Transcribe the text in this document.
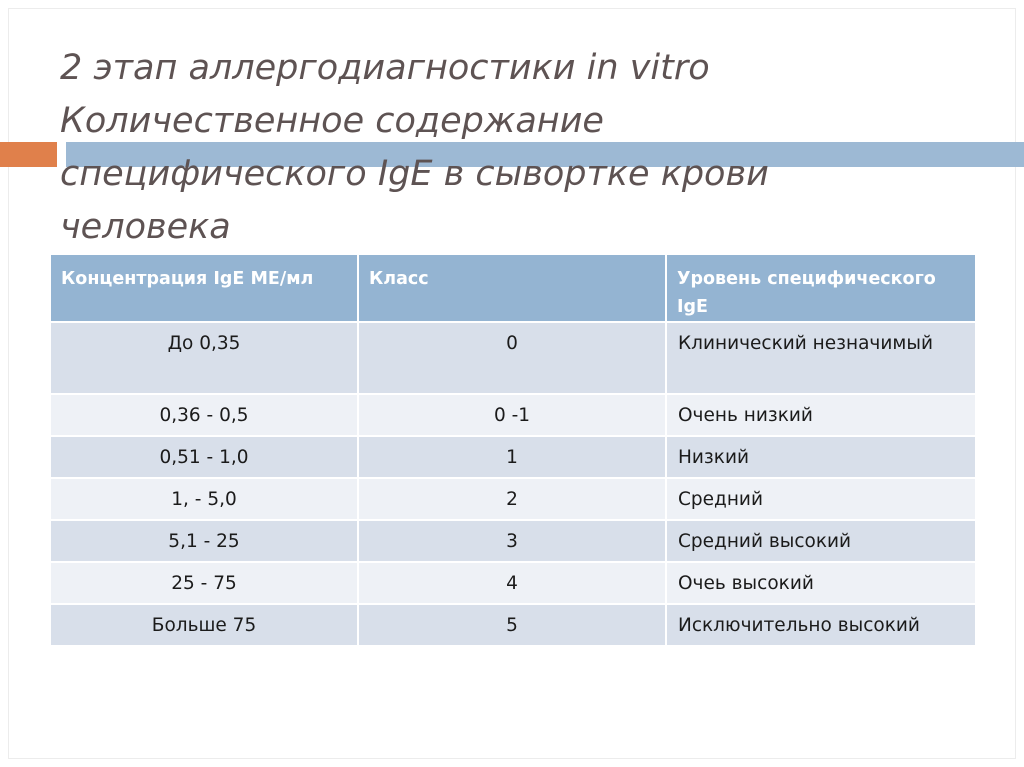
2 этап аллергодиагностики in vitro
Количественное содержание
специфического IgE в сывортке крови
человека
Концентрация IgE МЕ/мл	Класс	Уровень специфического IgE
До 0,35	0	Клинический незначимый
0,36 - 0,5	0 -1	Очень низкий
0,51 - 1,0	1	Низкий
1, - 5,0	2	Средний
5,1 - 25	3	Средний высокий
25 - 75	4	Очеь высокий
Больше 75	5	Исключительно высокий
